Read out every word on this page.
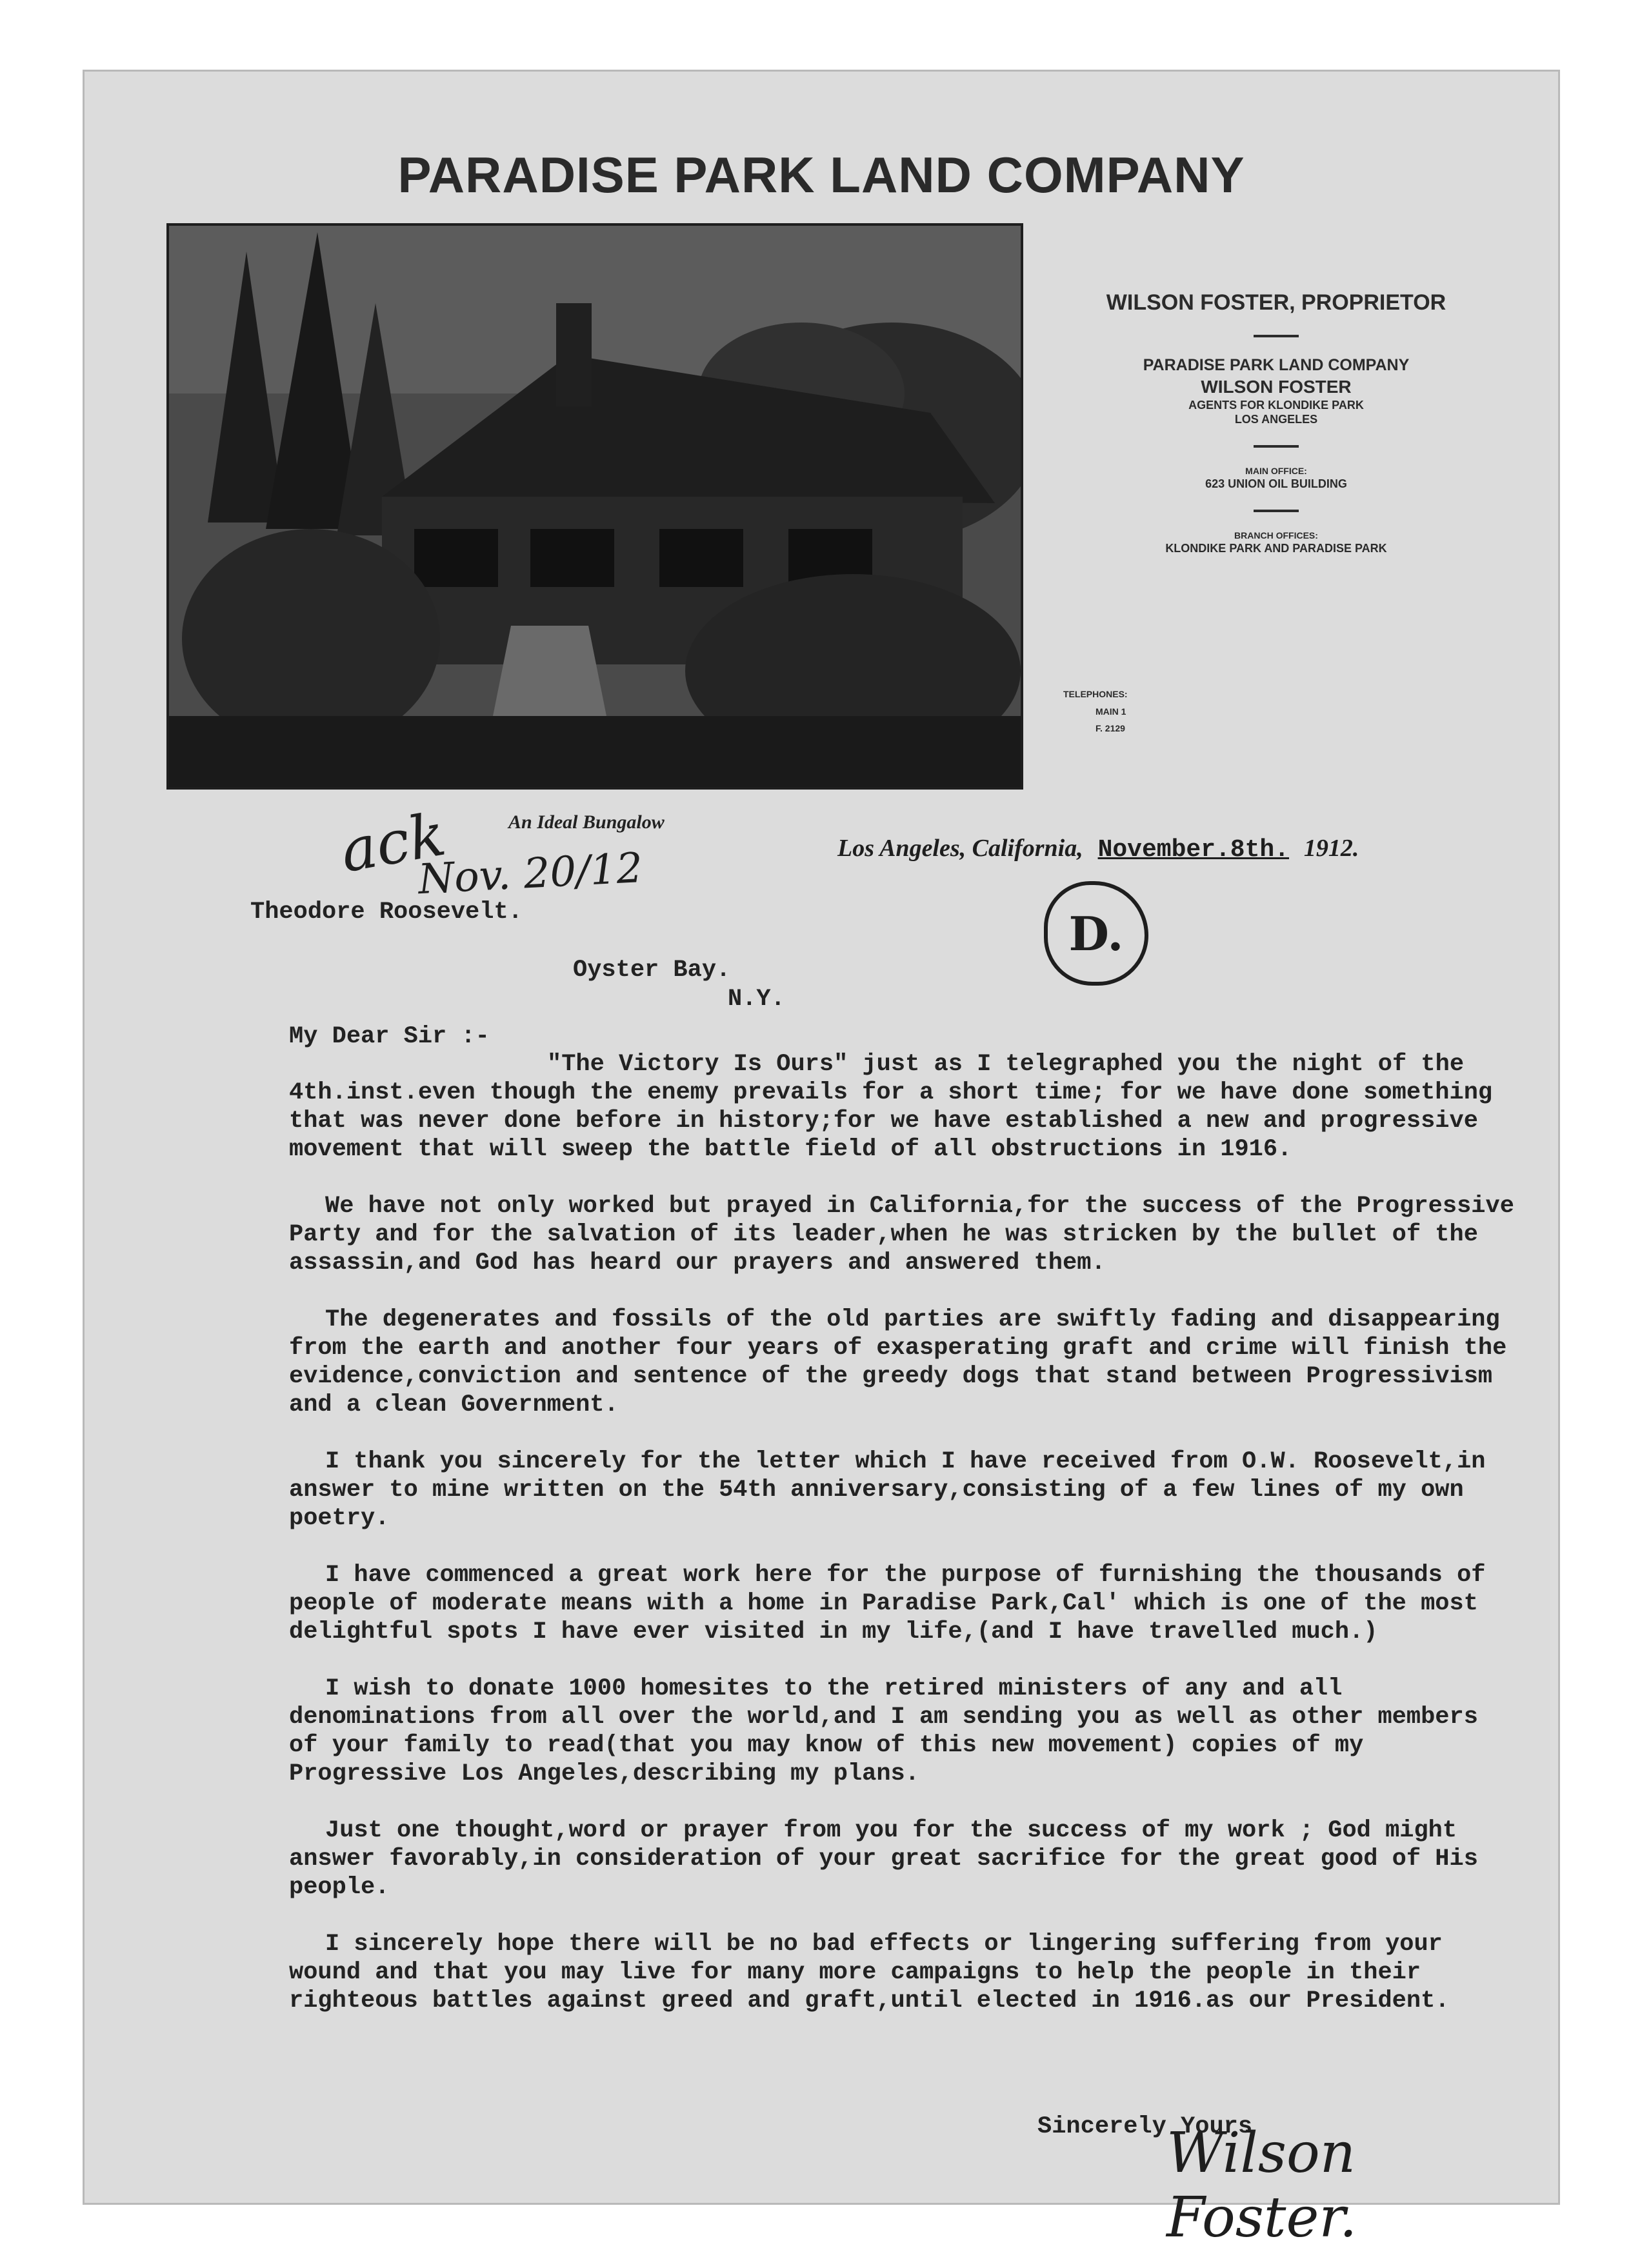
PARADISE PARK LAND COMPANY
An Ideal Bungalow
WILSON FOSTER, PROPRIETOR
PARADISE PARK LAND COMPANY
WILSON FOSTER
AGENTS FOR KLONDIKE PARK
LOS ANGELES
MAIN OFFICE:
623 UNION OIL BUILDING
BRANCH OFFICES:
KLONDIKE PARK AND PARADISE PARK
TELEPHONES:
MAIN 1
F. 2129
ack
Nov. 20/12	Los Angeles, California, November.8th. 1912.
D.
Theodore Roosevelt.
Oyster Bay.
N.Y.
My Dear Sir :-

"The Victory Is Ours" just as I telegraphed you the night of the 4th.inst.even though the enemy prevails for a short time; for we have done something that was never done before in history;for we have established a new and progressive movement that will sweep the battle field of all obstructions in 1916.

We have not only worked but prayed in California,for the success of the Progressive Party and for the salvation of its leader,when he was stricken by the bullet of the assassin,and God has heard our prayers and answered them.

The degenerates and fossils of the old parties are swiftly fading and disappearing from the earth and another four years of exasperating graft and crime will finish the evidence,conviction and sentence of the greedy dogs that stand between Progressivism and a clean Government.

I thank you sincerely for the letter which I have received from O.W. Roosevelt,in answer to mine written on the 54th anniversary,consisting of a few lines of my own poetry.

I have commenced a great work here for the purpose of furnishing the thousands of people of moderate means with a home in Paradise Park,Cal' which is one of the most delightful spots I have ever visited in my life,(and I have travelled much.)

I wish to donate 1000 homesites to the retired ministers of any and all denominations from all over the world,and I am sending you as well as other members of your family to read(that you may know of this new movement) copies of my Progressive Los Angeles,describing my plans.

Just one thought,word or prayer from you for the success of my work ; God might answer favorably,in consideration of your great sacrifice for the great good of His people.

I sincerely hope there will be no bad effects or lingering suffering from your wound and that you may live for many more campaigns to help the people in their righteous battles against greed and graft,until elected in 1916.as our President.

Sincerely Yours
Wilson Foster.
